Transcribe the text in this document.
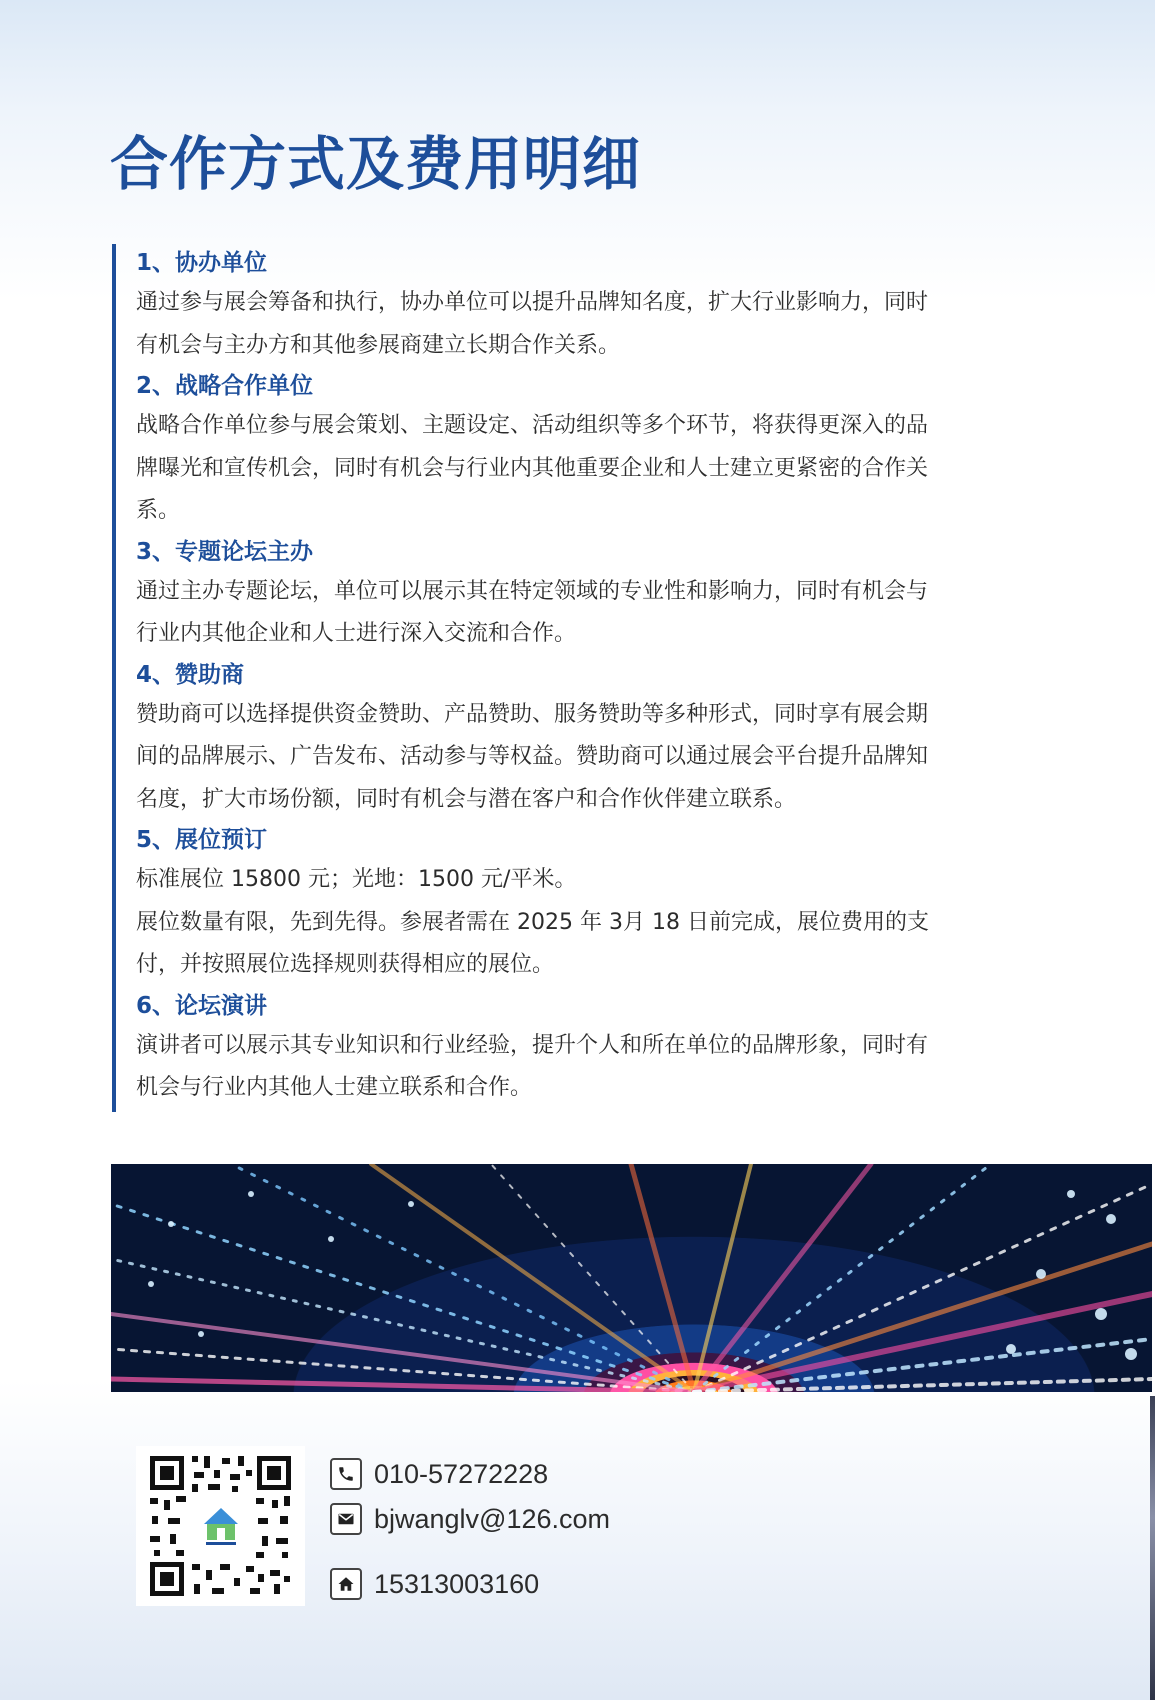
合作方式及费用明细
1、协办单位

通过参与展会筹备和执行，协办单位可以提升品牌知名度，扩大行业影响力，同时

有机会与主办方和其他参展商建立长期合作关系。

2、战略合作单位

战略合作单位参与展会策划、主题设定、活动组织等多个环节，将获得更深入的品

牌曝光和宣传机会，同时有机会与行业内其他重要企业和人士建立更紧密的合作关

系。

3、专题论坛主办

通过主办专题论坛，单位可以展示其在特定领域的专业性和影响力，同时有机会与

行业内其他企业和人士进行深入交流和合作。

4、赞助商

赞助商可以选择提供资金赞助、产品赞助、服务赞助等多种形式，同时享有展会期

间的品牌展示、广告发布、活动参与等权益。赞助商可以通过展会平台提升品牌知

名度，扩大市场份额，同时有机会与潜在客户和合作伙伴建立联系。

5、展位预订

标准展位 15800 元；光地：1500 元/平米。

展位数量有限，先到先得。参展者需在 2025 年 3月 18 日前完成，展位费用的支

付，并按照展位选择规则获得相应的展位。

6、论坛演讲

演讲者可以展示其专业知识和行业经验，提升个人和所在单位的品牌形象，同时有

机会与行业内其他人士建立联系和合作。

010-57272228
bjwanglv@126.com
15313003160
